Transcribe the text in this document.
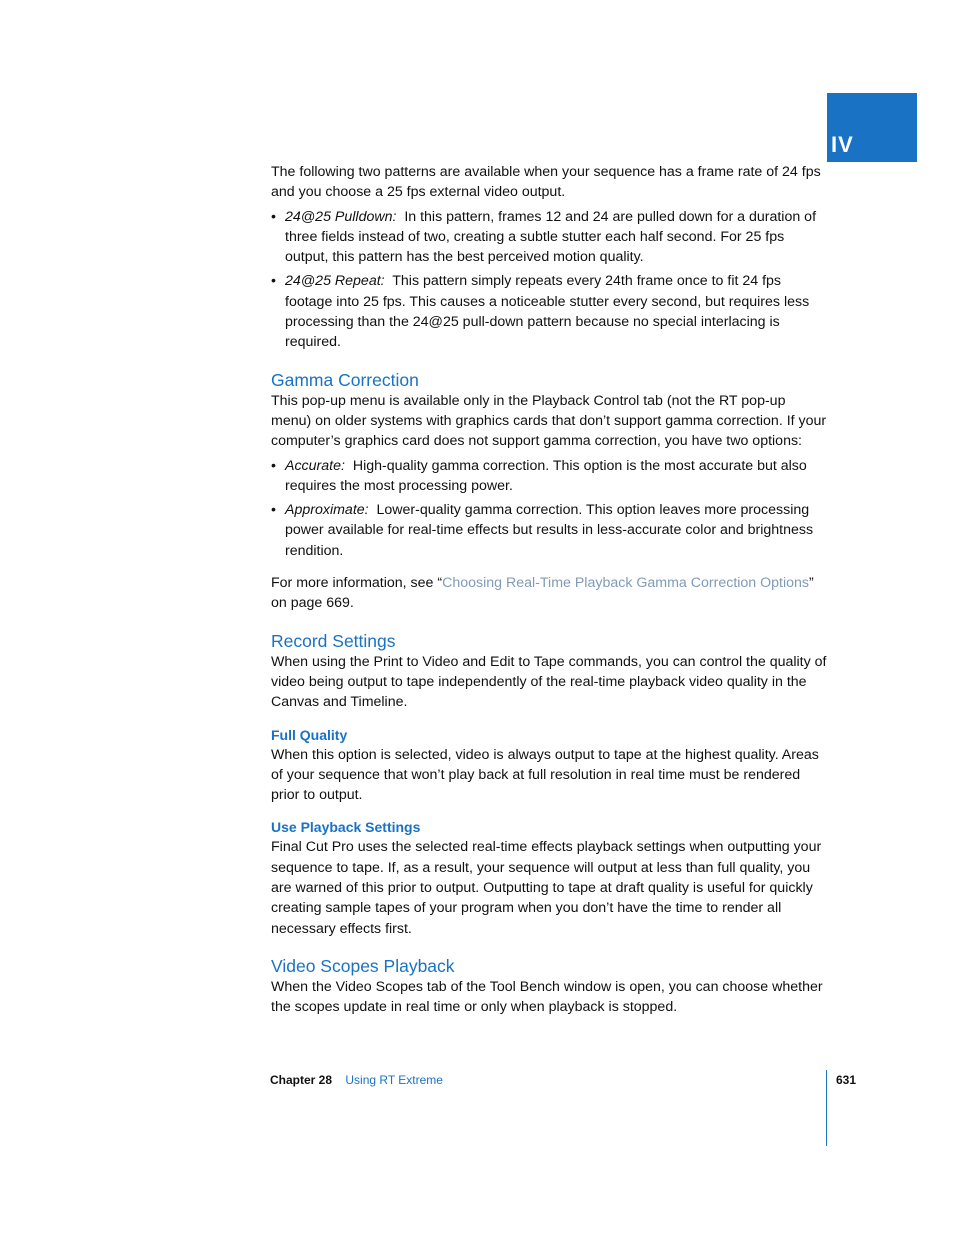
IV

The following two patterns are available when your sequence has a frame rate of 24 fps and you choose a 25 fps external video output.

• 24@25 Pulldown: In this pattern, frames 12 and 24 are pulled down for a duration of three fields instead of two, creating a subtle stutter each half second. For 25 fps output, this pattern has the best perceived motion quality.
• 24@25 Repeat: This pattern simply repeats every 24th frame once to fit 24 fps footage into 25 fps. This causes a noticeable stutter every second, but requires less processing than the 24@25 pull-down pattern because no special interlacing is required.
Gamma Correction

This pop-up menu is available only in the Playback Control tab (not the RT pop-up menu) on older systems with graphics cards that don’t support gamma correction. If your computer’s graphics card does not support gamma correction, you have two options:

• Accurate: High-quality gamma correction. This option is the most accurate but also requires the most processing power.
• Approximate: Lower-quality gamma correction. This option leaves more processing power available for real-time effects but results in less-accurate color and brightness rendition.

For more information, see “Choosing Real-Time Playback Gamma Correction Options” on page 669.

Record Settings

When using the Print to Video and Edit to Tape commands, you can control the quality of video being output to tape independently of the real-time playback video quality in the Canvas and Timeline.

Full Quality

When this option is selected, video is always output to tape at the highest quality. Areas of your sequence that won’t play back at full resolution in real time must be rendered prior to output.

Use Playback Settings

Final Cut Pro uses the selected real-time effects playback settings when outputting your sequence to tape. If, as a result, your sequence will output at less than full quality, you are warned of this prior to output. Outputting to tape at draft quality is useful for quickly creating sample tapes of your program when you don’t have the time to render all necessary effects first.

Video Scopes Playback

When the Video Scopes tab of the Tool Bench window is open, you can choose whether the scopes update in real time or only when playback is stopped.

Chapter 28 Using RT Extreme	631
